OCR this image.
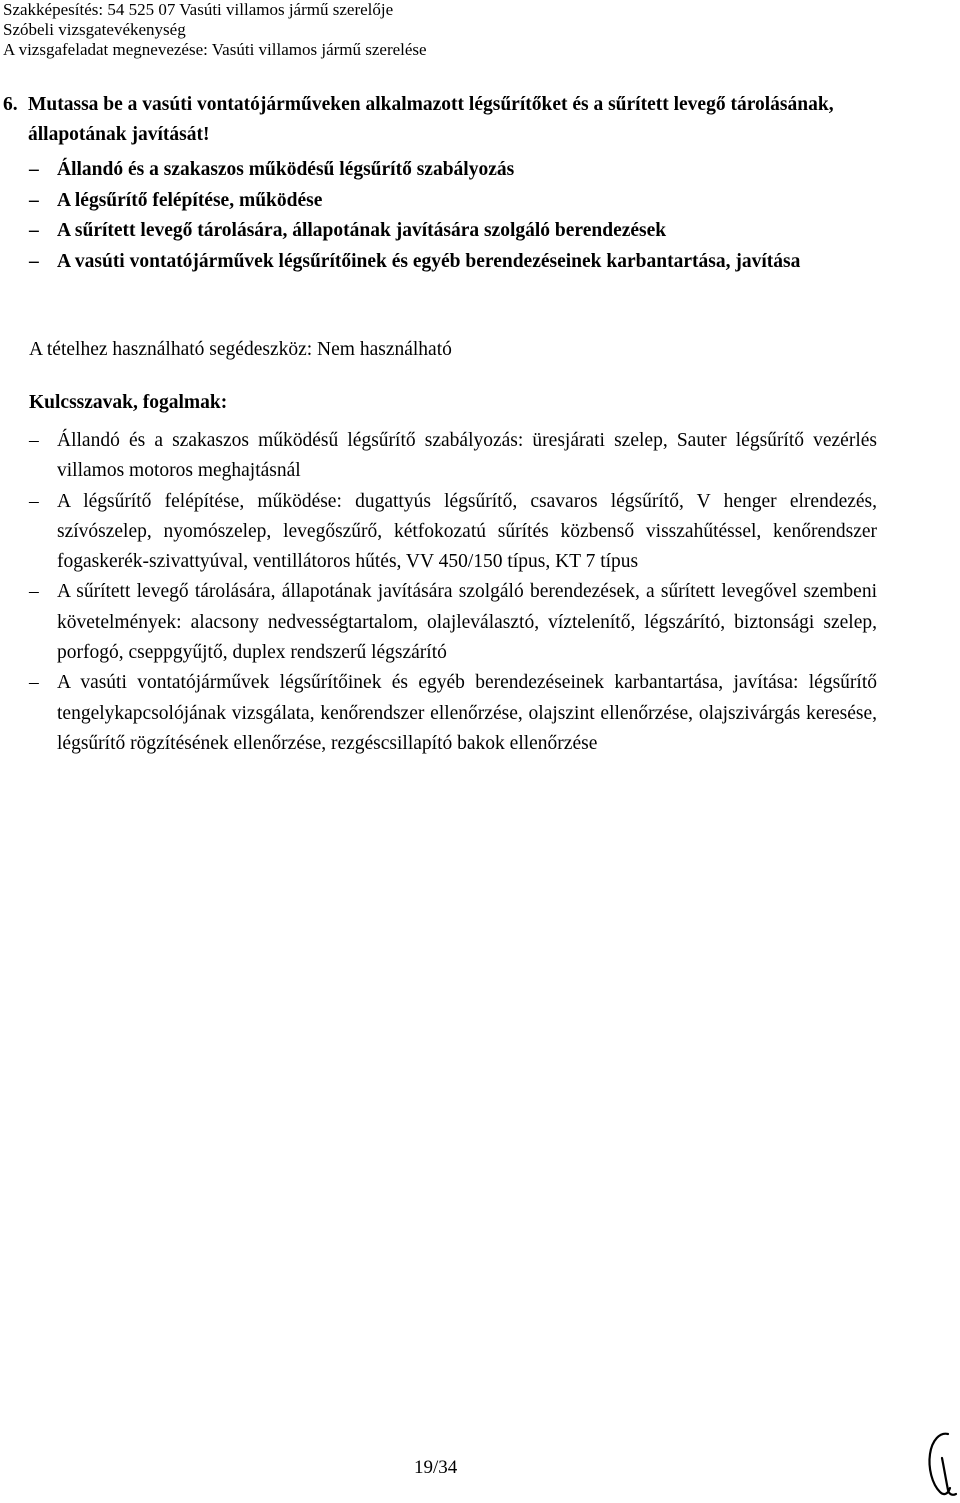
Szakképesítés: 54 525 07 Vasúti villamos jármű szerelője
Szóbeli vizsgatevékenység
A vizsgafeladat megnevezése: Vasúti villamos jármű szerelése
6. Mutassa be a vasúti vontatójárműveken alkalmazott légsűrítőket és a sűrített levegő tárolásának, állapotának javítását!
– Állandó és a szakaszos működésű légsűrítő szabályozás
– A légsűrítő felépítése, működése
– A sűrített levegő tárolására, állapotának javítására szolgáló berendezések
– A vasúti vontatójárművek légsűrítőinek és egyéb berendezéseinek karbantartása, javítása
A tételhez használható segédeszköz: Nem használható
Kulcsszavak, fogalmak:
– Állandó és a szakaszos működésű légsűrítő szabályozás: üresjárati szelep, Sauter légsűrítő vezérlés villamos motoros meghajtásnál
– A légsűrítő felépítése, működése: dugattyús légsűrítő, csavaros légsűrítő, V henger elrendezés, szívószelep, nyomószelep, levegőszűrő, kétfokozatú sűrítés közbenső visszahűtéssel, kenőrendszer fogaskerék-szivattyúval, ventillátoros hűtés, VV 450/150 típus, KT 7 típus
– A sűrített levegő tárolására, állapotának javítására szolgáló berendezések, a sűrített levegővel szembeni követelmények: alacsony nedvességtartalom, olajleválasztó, víztelenítő, légszárító, biztonsági szelep, porfogó, cseppgyűjtő, duplex rendszerű légszárító
– A vasúti vontatójárművek légsűrítőinek és egyéb berendezéseinek karbantartása, javítása: légsűrítő tengelykapcsolójának vizsgálata, kenőrendszer ellenőrzése, olajszint ellenőrzése, olajszivárgás keresése, légsűrítő rögzítésének ellenőrzése, rezgéscsillapító bakok ellenőrzése
19/34
